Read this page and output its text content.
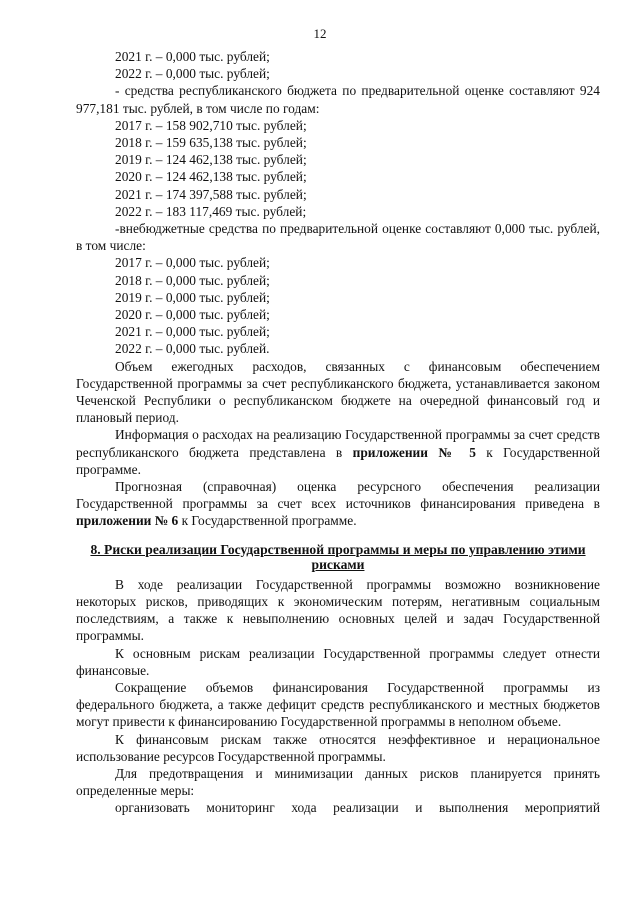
12

2021 г. – 0,000 тыс. рублей;

2022 г. – 0,000 тыс. рублей;

- средства республиканского бюджета по предварительной оценке составляют 924 977,181 тыс. рублей, в том числе по годам:

2017 г. – 158 902,710 тыс. рублей;

2018 г. – 159 635,138 тыс. рублей;

2019 г. – 124 462,138 тыс. рублей;

2020 г. – 124 462,138 тыс. рублей;

2021 г. – 174 397,588 тыс. рублей;

2022 г. – 183 117,469 тыс. рублей;

-внебюджетные средства по предварительной оценке составляют 0,000 тыс. рублей, в том числе:

2017 г. – 0,000 тыс. рублей;

2018 г. – 0,000 тыс. рублей;

2019 г. – 0,000 тыс. рублей;

2020 г. – 0,000 тыс. рублей;

2021 г. – 0,000 тыс. рублей;

2022 г. – 0,000 тыс. рублей.

Объем ежегодных расходов, связанных с финансовым обеспечением Государственной программы за счет республиканского бюджета, устанавливается законом Чеченской Республики о республиканском бюджете на очередной финансовый год и плановый период.

Информация о расходах на реализацию Государственной программы за счет средств республиканского бюджета представлена в приложении № 5 к Государственной программе.

Прогнозная (справочная) оценка ресурсного обеспечения реализации Государственной программы за счет всех источников финансирования приведена в приложении № 6 к Государственной программе.

8. Риски реализации Государственной программы и меры по управлению этими рисками

В ходе реализации Государственной программы возможно возникновение некоторых рисков, приводящих к экономическим потерям, негативным социальным последствиям, а также к невыполнению основных целей и задач Государственной программы.

К основным рискам реализации Государственной программы следует отнести финансовые.

Сокращение объемов финансирования Государственной программы из федерального бюджета, а также дефицит средств республиканского и местных бюджетов могут привести к финансированию Государственной программы в неполном объеме.

К финансовым рискам также относятся неэффективное и нерациональное использование ресурсов Государственной программы.

Для предотвращения и минимизации данных рисков планируется принять определенные меры:

организовать мониторинг хода реализации и выполнения мероприятий
